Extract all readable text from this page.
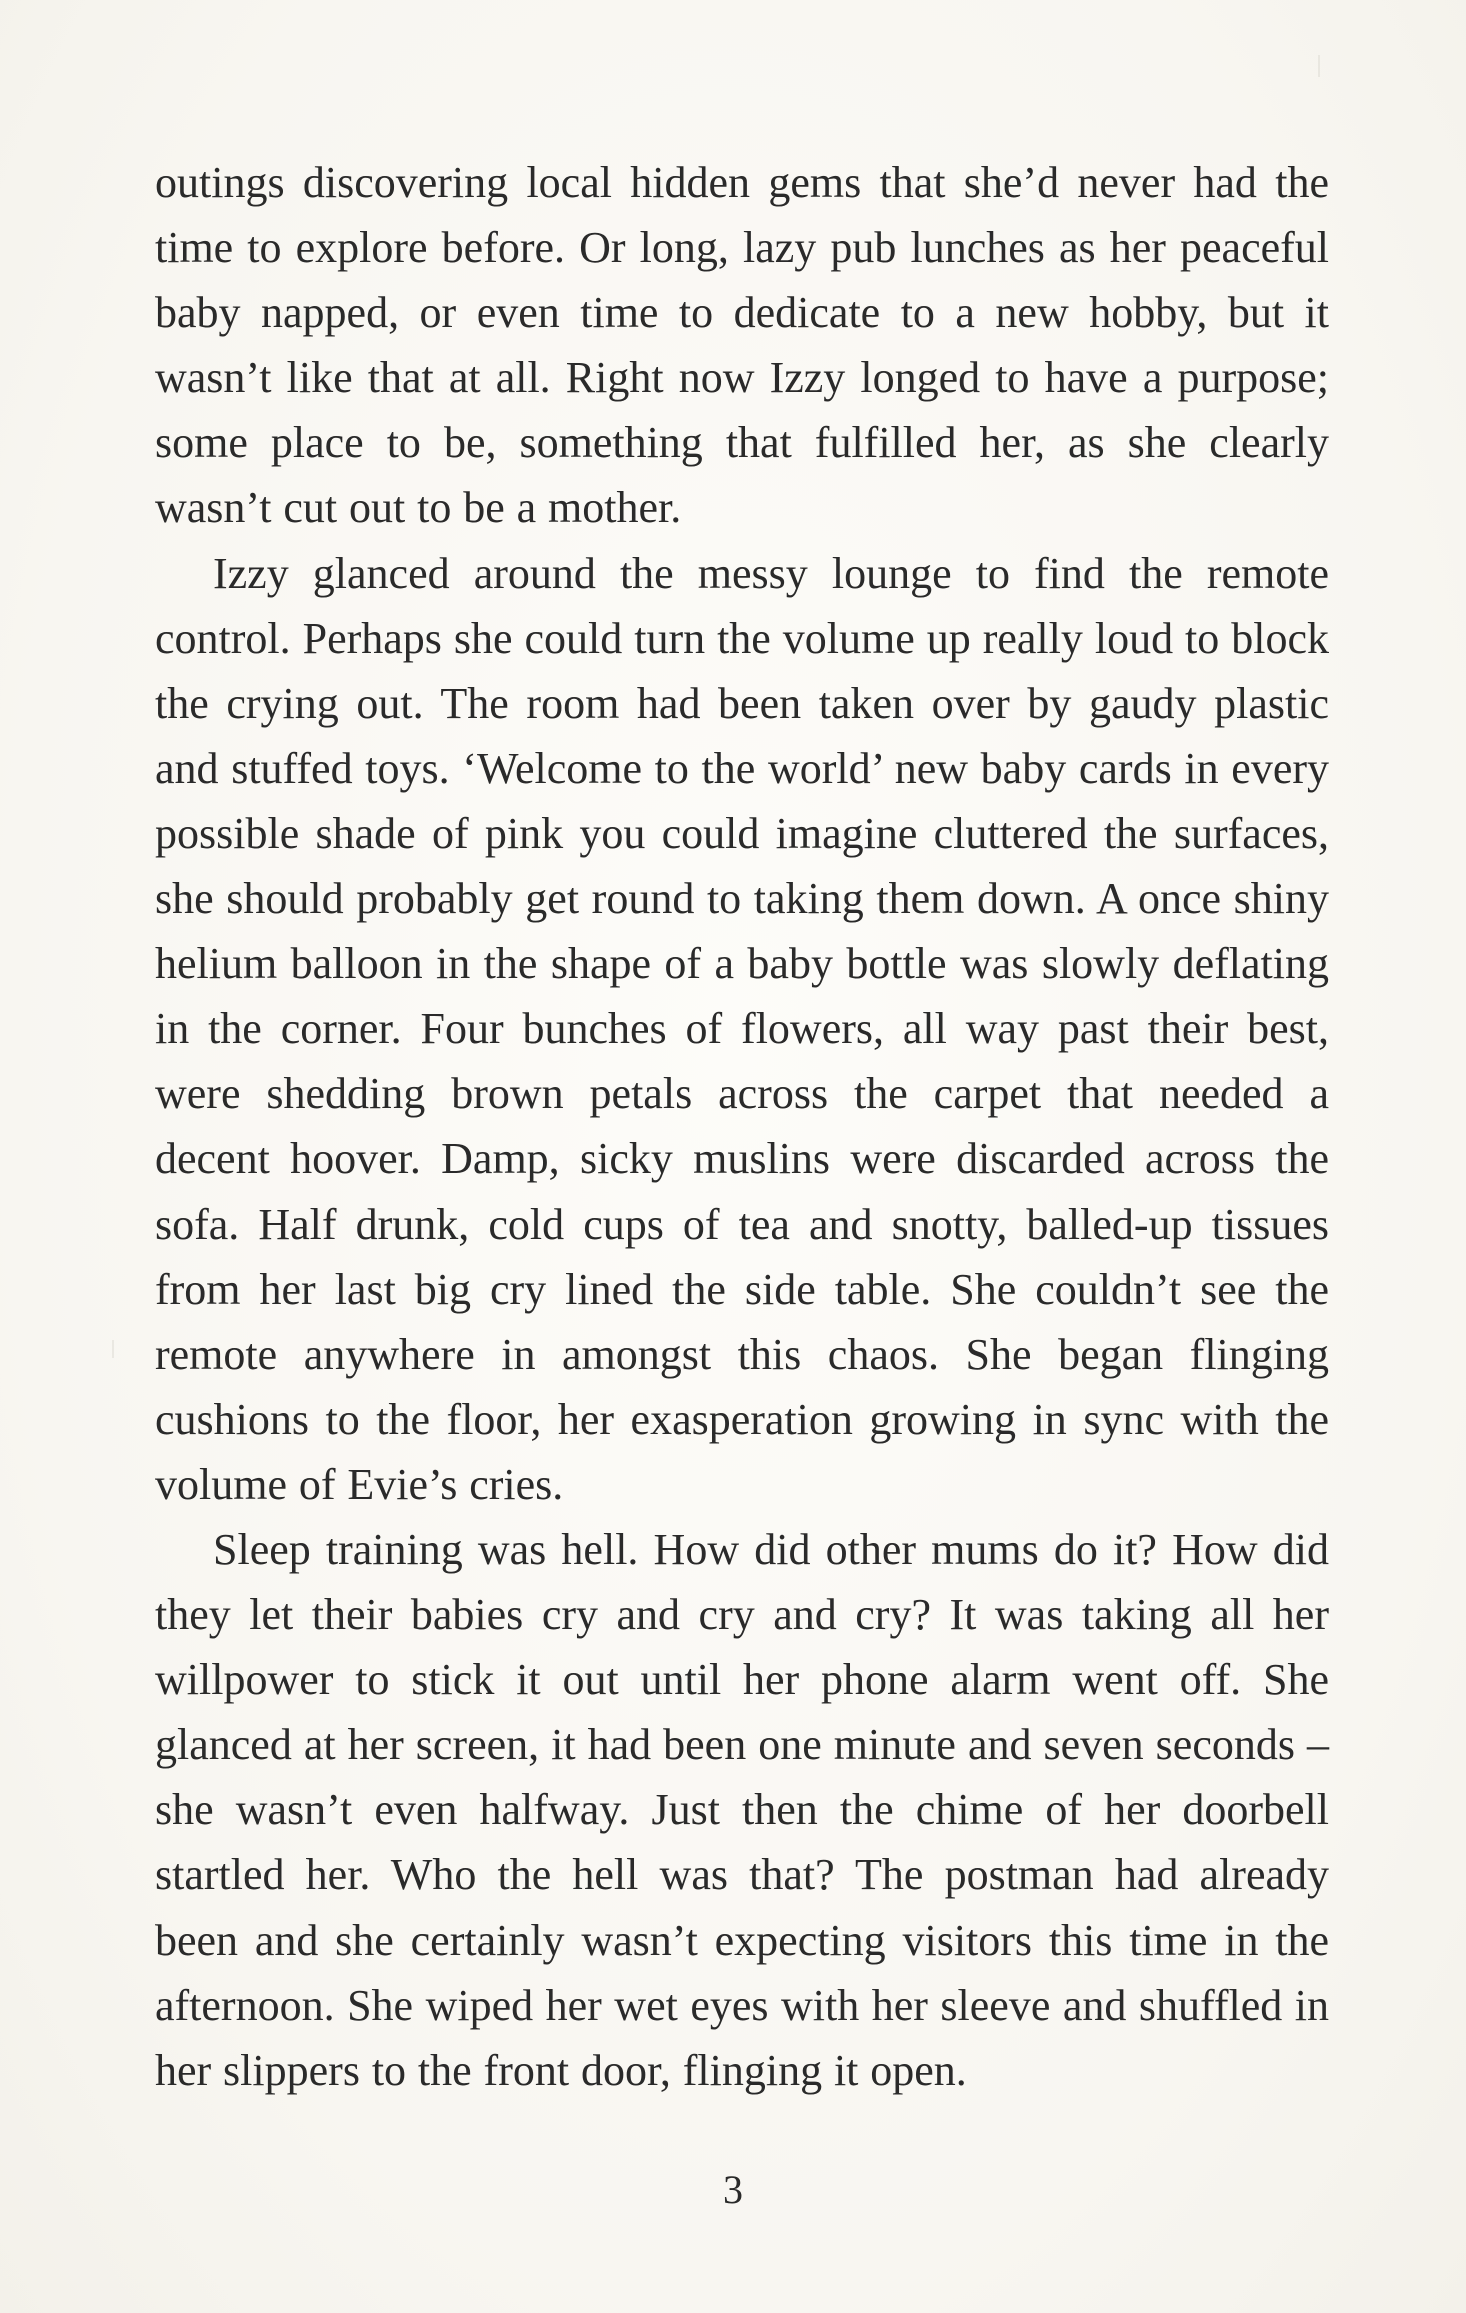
outings discovering local hidden gems that she’d never had the time to explore before. Or long, lazy pub lunches as her peaceful baby napped, or even time to dedicate to a new hobby, but it wasn’t like that at all. Right now Izzy longed to have a purpose; some place to be, something that fulfilled her, as she clearly wasn’t cut out to be a mother.

Izzy glanced around the messy lounge to find the remote control. Perhaps she could turn the volume up really loud to block the crying out. The room had been taken over by gaudy plastic and stuffed toys. ‘Welcome to the world’ new baby cards in every possible shade of pink you could imagine cluttered the surfaces, she should probably get round to taking them down. A once shiny helium balloon in the shape of a baby bottle was slowly deflating in the corner. Four bunches of flowers, all way past their best, were shedding brown petals across the carpet that needed a decent hoover. Damp, sicky muslins were discarded across the sofa. Half drunk, cold cups of tea and snotty, balled-up tissues from her last big cry lined the side table. She couldn’t see the remote anywhere in amongst this chaos. She began flinging cushions to the floor, her exasperation growing in sync with the volume of Evie’s cries.

Sleep training was hell. How did other mums do it? How did they let their babies cry and cry and cry? It was taking all her willpower to stick it out until her phone alarm went off. She glanced at her screen, it had been one minute and seven seconds – she wasn’t even halfway. Just then the chime of her doorbell startled her. Who the hell was that? The postman had already been and she certainly wasn’t expecting visitors this time in the afternoon. She wiped her wet eyes with her sleeve and shuffled in her slippers to the front door, flinging it open.

3
